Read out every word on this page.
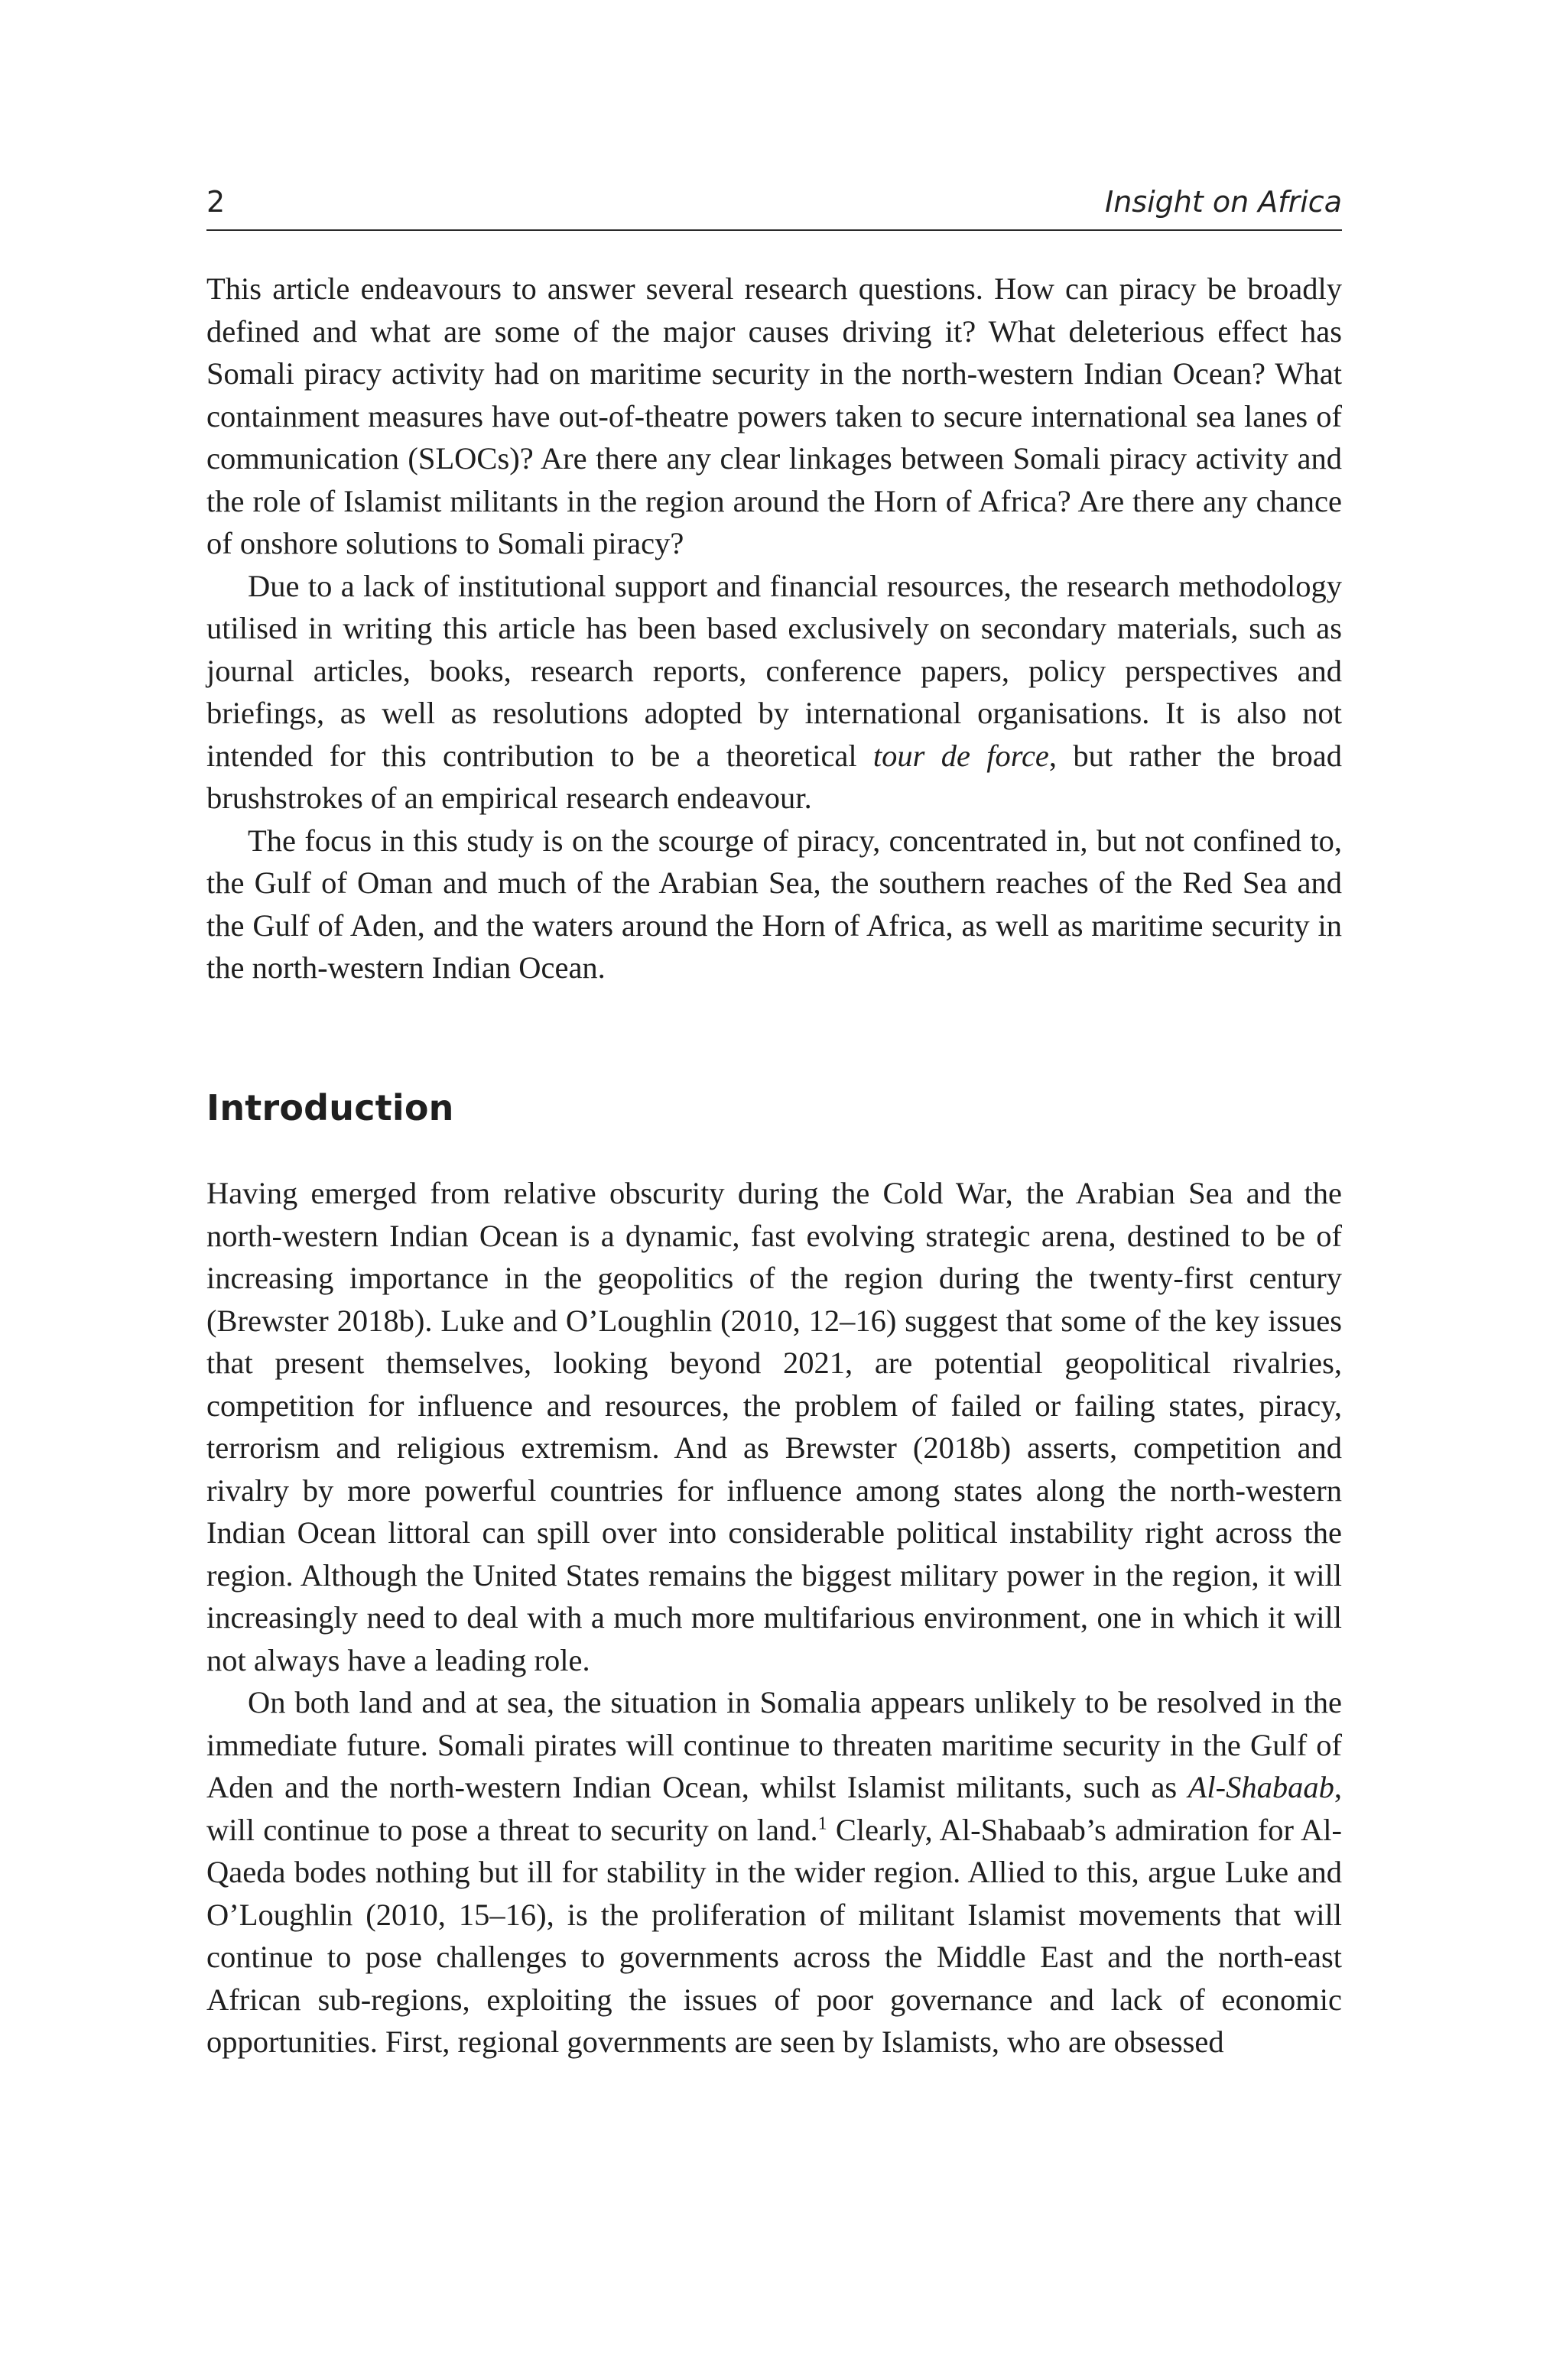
2	Insight on Africa

This article endeavours to answer several research questions. How can piracy be broadly defined and what are some of the major causes driving it? What deleterious effect has Somali piracy activity had on maritime security in the north-western Indian Ocean? What containment measures have out-of-theatre powers taken to secure international sea lanes of communication (SLOCs)? Are there any clear linkages between Somali piracy activity and the role of Islamist militants in the region around the Horn of Africa? Are there any chance of onshore solutions to Somali piracy?

Due to a lack of institutional support and financial resources, the research methodology utilised in writing this article has been based exclusively on secondary materials, such as journal articles, books, research reports, conference papers, policy perspectives and briefings, as well as resolutions adopted by international organisations. It is also not intended for this contribution to be a theoretical tour de force, but rather the broad brushstrokes of an empirical research endeavour.

The focus in this study is on the scourge of piracy, concentrated in, but not confined to, the Gulf of Oman and much of the Arabian Sea, the southern reaches of the Red Sea and the Gulf of Aden, and the waters around the Horn of Africa, as well as maritime security in the north-western Indian Ocean.

Introduction

Having emerged from relative obscurity during the Cold War, the Arabian Sea and the north-western Indian Ocean is a dynamic, fast evolving strategic arena, destined to be of increasing importance in the geopolitics of the region during the twenty-first century (Brewster 2018b). Luke and O’Loughlin (2010, 12–16) suggest that some of the key issues that present themselves, looking beyond 2021, are potential geopolitical rivalries, competition for influence and resources, the problem of failed or failing states, piracy, terrorism and religious extremism. And as Brewster (2018b) asserts, competition and rivalry by more powerful countries for influence among states along the north-western Indian Ocean littoral can spill over into considerable political instability right across the region. Although the United States remains the biggest military power in the region, it will increasingly need to deal with a much more multifarious environment, one in which it will not always have a leading role.

On both land and at sea, the situation in Somalia appears unlikely to be resolved in the immediate future. Somali pirates will continue to threaten maritime security in the Gulf of Aden and the north-western Indian Ocean, whilst Islamist militants, such as Al-Shabaab, will continue to pose a threat to security on land.$^1$ Clearly, Al-Shabaab’s admiration for Al-Qaeda bodes nothing but ill for stability in the wider region. Allied to this, argue Luke and O’Loughlin (2010, 15–16), is the proliferation of militant Islamist movements that will continue to pose challenges to governments across the Middle East and the north-east African sub-regions, exploiting the issues of poor governance and lack of economic opportunities. First, regional governments are seen by Islamists, who are obsessed
